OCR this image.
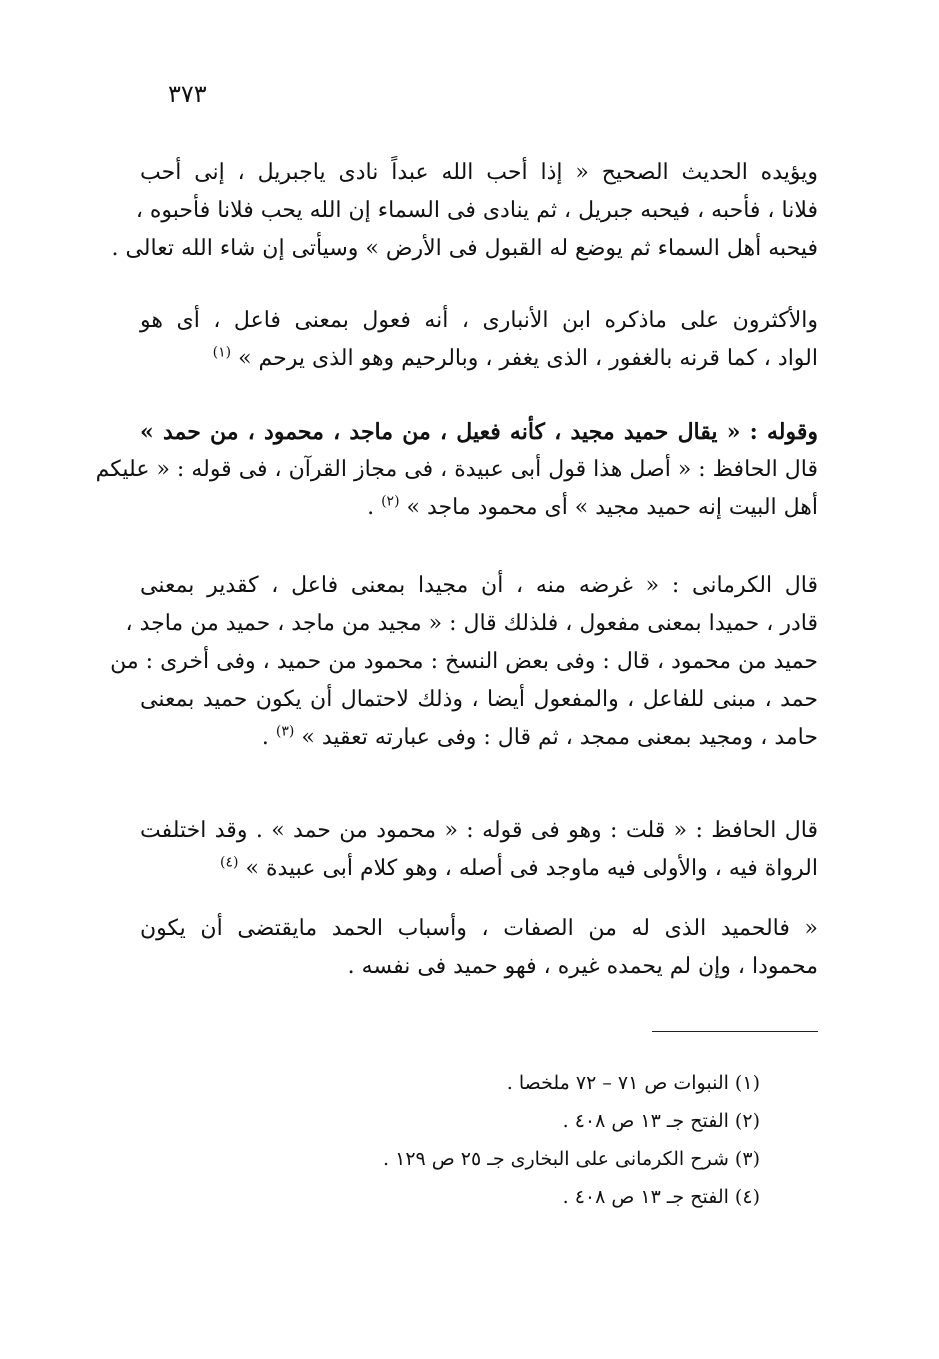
٣٧٣
ويؤيده الحديث الصحيح « إذا أحب الله عبداً نادى ياجبريل ، إنى أحب
فلانا ، فأحبه ، فيحبه جبريل ، ثم ينادى فى السماء إن الله يحب فلانا فأحبوه ،
فيحبه أهل السماء ثم يوضع له القبول فى الأرض » وسيأتى إن شاء الله تعالى .
والأكثرون على ماذكره ابن الأنبارى ، أنه فعول بمعنى فاعل ، أى هو
الواد ، كما قرنه بالغفور ، الذى يغفر ، وبالرحيم وهو الذى يرحم » $^{(١)}$
وقوله : « يقال حميد مجيد ، كأنه فعيل ، من ماجد ، محمود ، من حمد »
قال الحافظ : « أصل هذا قول أبى عبيدة ، فى مجاز القرآن ، فى قوله : « عليكم
أهل البيت إنه حميد مجيد » أى محمود ماجد » $^{(٢)}$ .
قال الكرمانى : « غرضه منه ، أن مجيدا بمعنى فاعل ، كقدير بمعنى
قادر ، حميدا بمعنى مفعول ، فلذلك قال : « مجيد من ماجد ، حميد من ماجد ،
حميد من محمود ، قال : وفى بعض النسخ : محمود من حميد ، وفى أخرى : من
حمد ، مبنى للفاعل ، والمفعول أيضا ، وذلك لاحتمال أن يكون حميد بمعنى
حامد ، ومجيد بمعنى ممجد ، ثم قال : وفى عبارته تعقيد » $^{(٣)}$ .
قال الحافظ : « قلت : وهو فى قوله : « محمود من حمد » . وقد اختلفت
الرواة فيه ، والأولى فيه ماوجد فى أصله ، وهو كلام أبى عبيدة » $^{(٤)}$
« فالحميد الذى له من الصفات ، وأسباب الحمد مايقتضى أن يكون
محمودا ، وإن لم يحمده غيره ، فهو حميد فى نفسه .
(١) النبوات ص ٧١ – ٧٢ ملخصا .
(٢) الفتح جـ ١٣ ص ٤٠٨ .
(٣) شرح الكرمانى على البخارى جـ ٢٥ ص ١٢٩ .
(٤) الفتح جـ ١٣ ص ٤٠٨ .
